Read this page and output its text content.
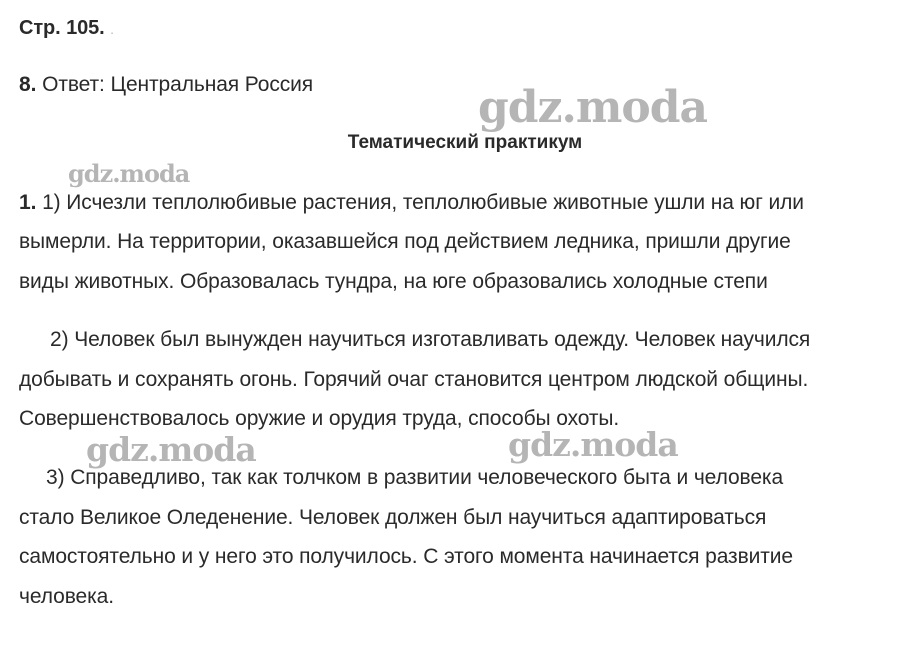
Стр. 105. .
8. Ответ: Центральная Россия	gdz.moda
Тематический практикум
gdz.moda
1. 1) Исчезли теплолюбивые растения, теплолюбивые животные ушли на юг или
вымерли. На территории, оказавшейся под действием ледника, пришли другие
виды животных. Образовалась тундра, на юге образовались холодные степи
2) Человек был вынужден научиться изготавливать одежду. Человек научился
добывать и сохранять огонь. Горячий очаг становится центром людской общины.
Совершенствовалось оружие и орудия труда, способы охоты.
gdz.moda	gdz.moda
3) Справедливо, так как толчком в развитии человеческого быта и человека
стало Великое Оледенение. Человек должен был научиться адаптироваться
самостоятельно и у него это получилось. С этого момента начинается развитие
человека.
